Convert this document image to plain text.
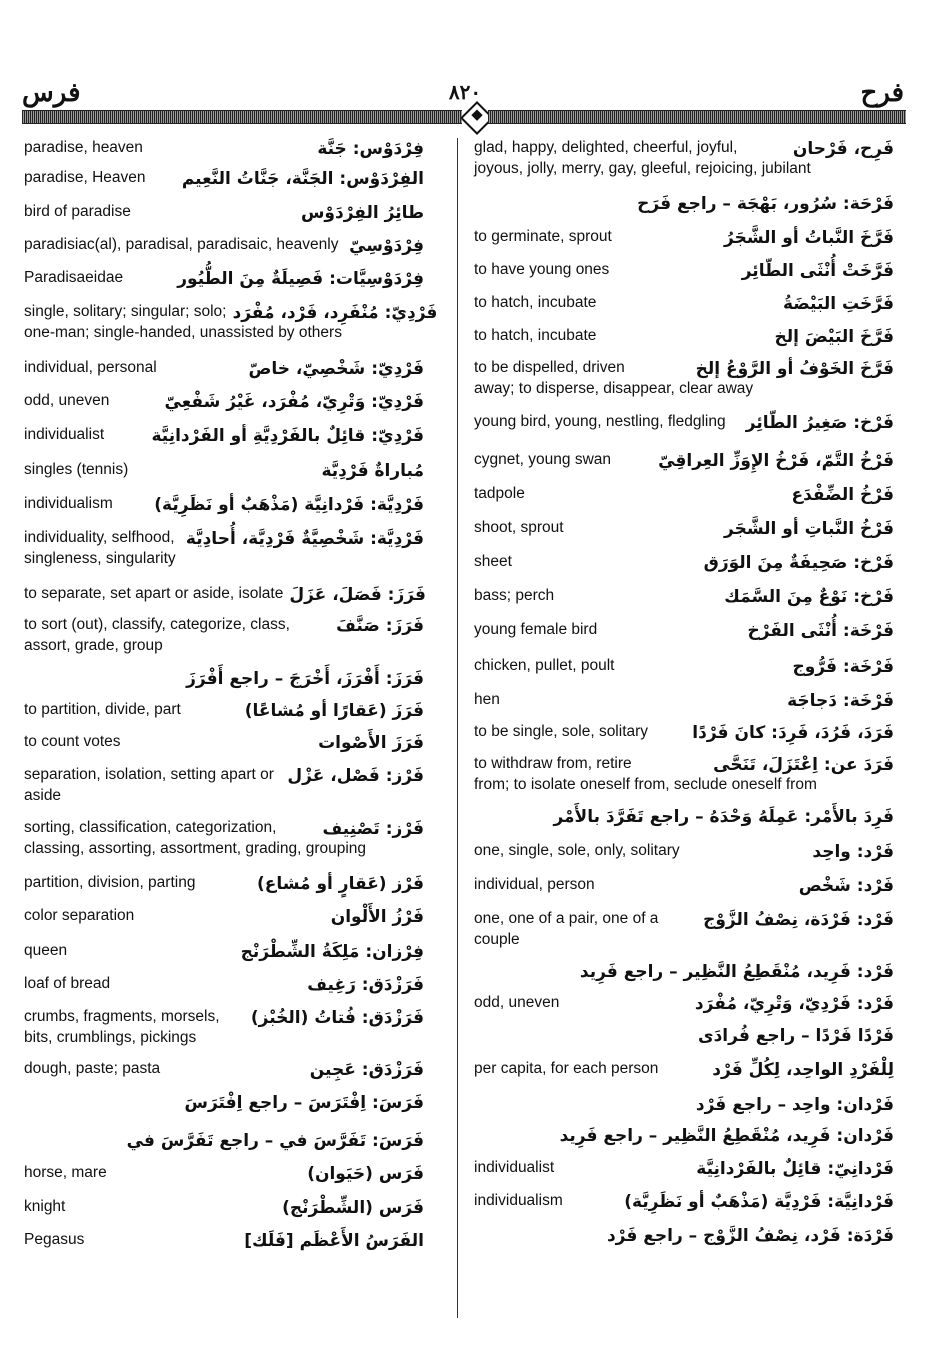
فرس	٨٢٠	فرح
paradise, heaven	فِرْدَوْس: جَنَّة
paradise, Heaven الفِرْدَوْس: الجَنَّة، جَنَّاتُ النَّعِيم
bird of paradise	طائِرُ الفِرْدَوْس
paradisiac(al), paradisal, paradisaic, heavenly فِرْدَوْسِيّ
Paradisaeidae	فِرْدَوْسِيَّات: فَصِيلَةٌ مِنَ الطُّيُور
single, solitary; singular; solo; فَرْدِيّ: مُنْفَرِد، فَرْد، مُفْرَد
one-man; single-handed, unassisted by others
individual, personal	فَرْدِيّ: شَخْصِيّ، خاصّ
odd, uneven	فَرْدِيّ: وَتْرِيّ، مُفْرَد، غَيْرُ شَفْعِيّ
individualist	فَرْدِيّ: قائِلٌ بالفَرْدِيَّةِ أو الفَرْدانِيَّة
singles (tennis)	مُباراةٌ فَرْدِيَّة
individualism فَرْدِيَّة: فَرْدانِيَّة (مَذْهَبٌ أو نَظَرِيَّة)
individuality, selfhood, فَرْدِيَّة: شَخْصِيَّةٌ فَرْدِيَّة، أُحادِيَّة
singleness, singularity
to separate, set apart or aside, isolate فَرَزَ: فَصَلَ، عَزَلَ
to sort (out), classify, categorize, class,	فَرَزَ: صَنَّفَ
assort, grade, group
فَرَزَ: أَفْرَزَ، أَخْرَجَ – راجع أَفْرَزَ
to partition, divide, part	فَرَزَ (عَقارًا أو مُشاعًا)
to count votes	فَرَزَ الأَصْوات
separation, isolation, setting apart or فَرْز: فَصْل، عَزْل
aside
sorting, classification, categorization,	فَرْز: تَصْنِيف
classing, assorting, assortment, grading, grouping
partition, division, parting	فَرْز (عَقارٍ أو مُشاع)
color separation	فَرْزُ الأَلْوان
queen	فِرْزان: مَلِكَةُ الشِّطْرَنْج
loaf of bread	فَرَزْدَق: رَغِيف
crumbs, fragments, morsels, فَرَزْدَق: فُتاتُ (الخُبْز)
bits, crumblings, pickings
dough, paste; pasta	فَرَزْدَق: عَجِين
فَرَسَ: اِفْتَرَسَ – راجع اِفْتَرَسَ
فَرَسَ: تَفَرَّسَ في – راجع تَفَرَّسَ في
horse, mare	فَرَس (حَيَوان)
knight	فَرَس (الشِّطْرَنْج)
Pegasus	الفَرَسُ الأَعْظَم [فَلَك]
glad, happy, delighted, cheerful, joyful,	فَرِح، فَرْحان
joyous, jolly, merry, gay, gleeful, rejoicing, jubilant
فَرْحَة: سُرُور، بَهْجَة – راجع فَرَح
to germinate, sprout	فَرَّخَ النَّباتُ أو الشَّجَرُ
to have young ones	فَرَّخَتْ أُنْثَى الطّائِر
to hatch, incubate	فَرَّخَتِ البَيْضَةُ
to hatch, incubate	فَرَّخَ البَيْضَ إلخ
to be dispelled, driven	فَرَّخَ الخَوْفُ أو الرَّوْعُ إلخ
away; to disperse, disappear, clear away
young bird, young, nestling, fledgling فَرْخ: صَغِيرُ الطّائِر
cygnet, young swan	فَرْخُ التَّمّ، فَرْخُ الإِوَزِّ العِراقِيّ
tadpole	فَرْخُ الضِّفْدَع
shoot, sprout	فَرْخُ النَّباتِ أو الشَّجَر
sheet	فَرْخ: صَحِيفَةٌ مِنَ الوَرَق
bass; perch	فَرْخ: نَوْعٌ مِنَ السَّمَك
young female bird	فَرْخَة: أُنْثَى الفَرْخ
chicken, pullet, poult	فَرْخَة: فَرُّوج
hen	فَرْخَة: دَجاجَة
to be single, sole, solitary	فَرَدَ، فَرُدَ، فَرِدَ: كانَ فَرْدًا
to withdraw from, retire	فَرَدَ عن: اِعْتَزَلَ، تَنَحَّى
from; to isolate oneself from, seclude oneself from
فَرِدَ بالأَمْر: عَمِلَهُ وَحْدَهُ – راجع تَفَرَّدَ بالأَمْر
one, single, sole, only, solitary	فَرْد: واحِد
individual, person	فَرْد: شَخْص
one, one of a pair, one of a	فَرْد: فَرْدَة، نِصْفُ الزَّوْج
couple
فَرْد: فَرِيد، مُنْقَطِعُ النَّظِير – راجع فَرِيد
odd, uneven	فَرْد: فَرْدِيّ، وَتْرِيّ، مُفْرَد
فَرْدًا فَرْدًا – راجع فُرادَى
per capita, for each person	لِلْفَرْدِ الواحِد، لِكُلِّ فَرْد
فَرْدان: واحِد – راجع فَرْد
فَرْدان: فَرِيد، مُنْقَطِعُ النَّظِير – راجع فَرِيد
individualist	فَرْدانِيّ: قائِلٌ بالفَرْدانِيَّة
individualism	فَرْدانِيَّة: فَرْدِيَّة (مَذْهَبٌ أو نَظَرِيَّة)
فَرْدَة: فَرْد، نِصْفُ الزَّوْج – راجع فَرْد
